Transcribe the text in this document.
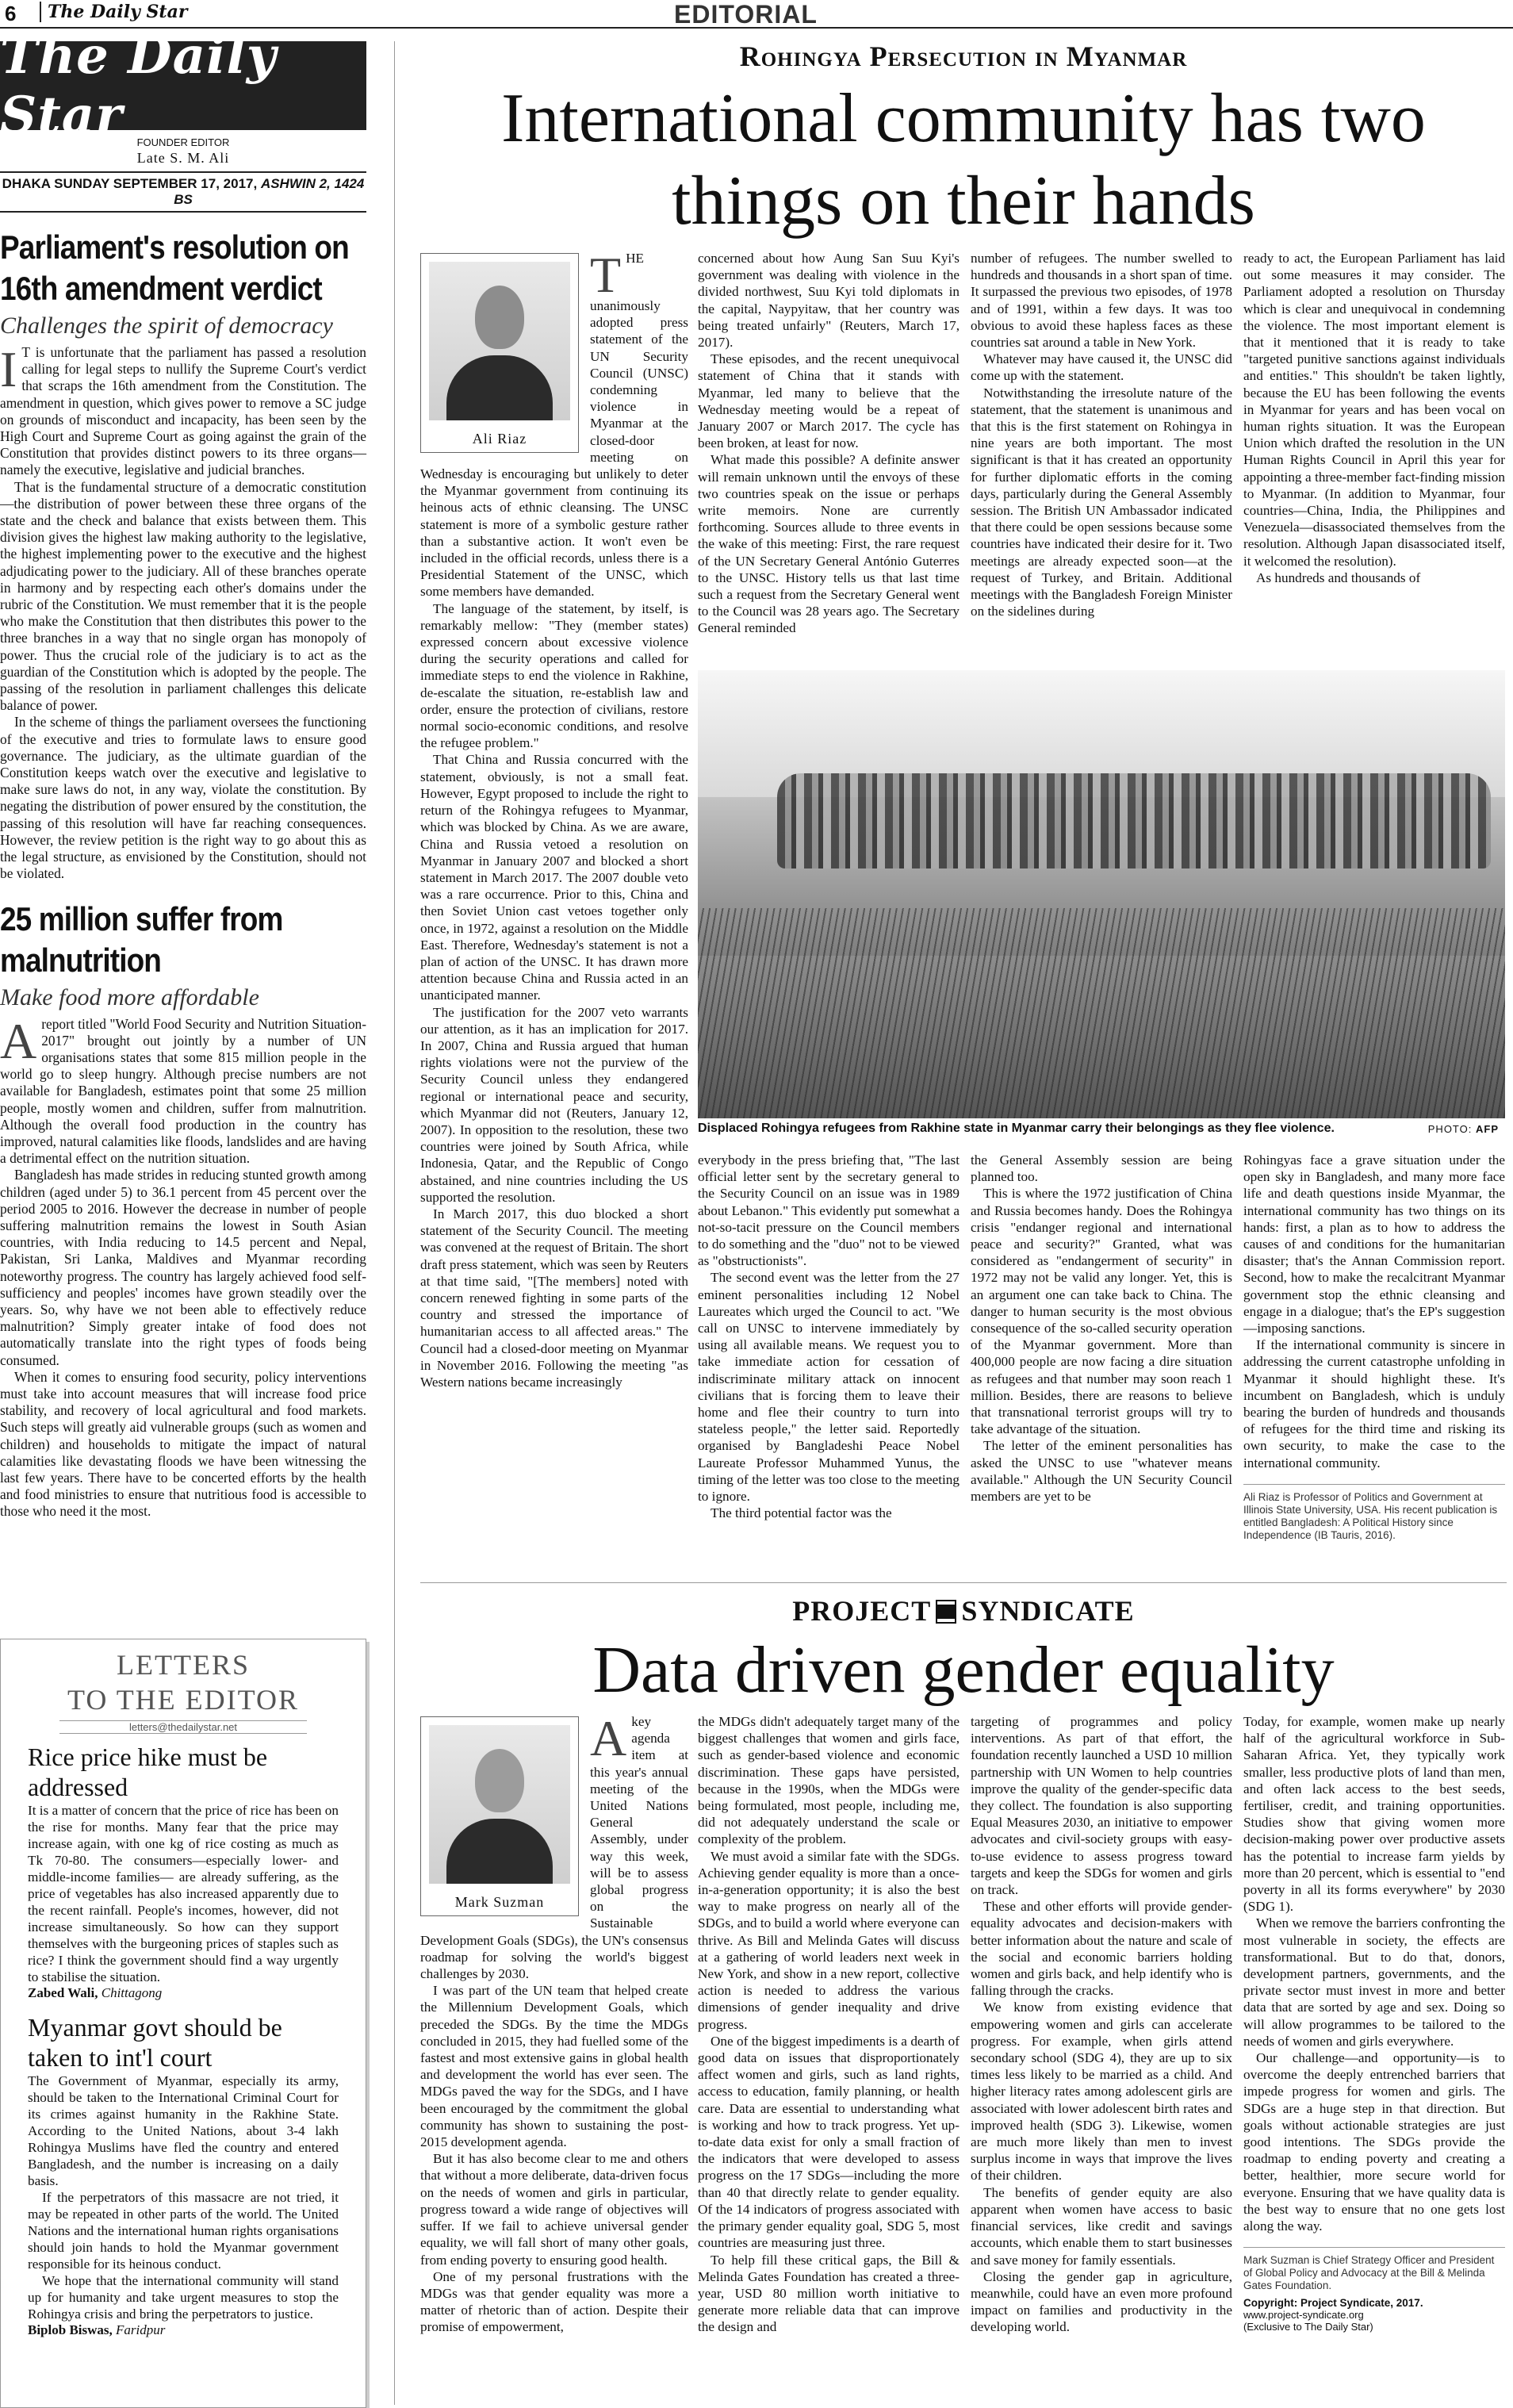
6	The Daily Star	EDITORIAL
The Daily Star	FOUNDER EDITOR
Late S. M. Ali
DHAKA SUNDAY SEPTEMBER 17, 2017, ASHWIN 2, 1424 BS
Parliament's resolution on 16th amendment verdict
Challenges the spirit of democracy

I T is unfortunate that the parliament has passed a resolution calling for legal steps to nullify the Supreme Court's verdict that scraps the 16th amendment from the Constitution. The amendment in question, which gives power to remove a SC judge on grounds of misconduct and incapacity, has been seen by the High Court and Supreme Court as going against the grain of the Constitution that provides distinct powers to its three organs—namely the executive, legislative and judicial branches.

That is the fundamental structure of a democratic constitution—the distribution of power between these three organs of the state and the check and balance that exists between them. This division gives the highest law making authority to the legislative, the highest implementing power to the executive and the highest adjudicating power to the judiciary. All of these branches operate in harmony and by respecting each other's domains under the rubric of the Constitution. We must remember that it is the people who make the Constitution that then distributes this power to the three branches in a way that no single organ has monopoly of power. Thus the crucial role of the judiciary is to act as the guardian of the Constitution which is adopted by the people. The passing of the resolution in parliament challenges this delicate balance of power.

In the scheme of things the parliament oversees the functioning of the executive and tries to formulate laws to ensure good governance. The judiciary, as the ultimate guardian of the Constitution keeps watch over the executive and legislative to make sure laws do not, in any way, violate the constitution. By negating the distribution of power ensured by the constitution, the passing of this resolution will have far reaching consequences. However, the review petition is the right way to go about this as the legal structure, as envisioned by the Constitution, should not be violated.

25 million suffer from malnutrition
Make food more affordable

A report titled "World Food Security and Nutrition Situation-2017" brought out jointly by a number of UN organisations states that some 815 million people in the world go to sleep hungry. Although precise numbers are not available for Bangladesh, estimates point that some 25 million people, mostly women and children, suffer from malnutrition. Although the overall food production in the country has improved, natural calamities like floods, landslides and are having a detrimental effect on the nutrition situation.

Bangladesh has made strides in reducing stunted growth among children (aged under 5) to 36.1 percent from 45 percent over the period 2005 to 2016. However the decrease in number of people suffering malnutrition remains the lowest in South Asian countries, with India reducing to 14.5 percent and Nepal, Pakistan, Sri Lanka, Maldives and Myanmar recording noteworthy progress. The country has largely achieved food self-sufficiency and peoples' incomes have grown steadily over the years. So, why have we not been able to effectively reduce malnutrition? Simply greater intake of food does not automatically translate into the right types of foods being consumed.

When it comes to ensuring food security, policy interventions must take into account measures that will increase food price stability, and recovery of local agricultural and food markets. Such steps will greatly aid vulnerable groups (such as women and children) and households to mitigate the impact of natural calamities like devastating floods we have been witnessing the last few years. There have to be concerted efforts by the health and food ministries to ensure that nutritious food is accessible to those who need it the most.

LETTERS
TO THE EDITOR
letters@thedailystar.net
Rice price hike must be addressed

It is a matter of concern that the price of rice has been on the rise for months. Many fear that the price may increase again, with one kg of rice costing as much as Tk 70-80. The consumers—especially lower- and middle-income families— are already suffering, as the price of vegetables has also increased apparently due to the recent rainfall. People's incomes, however, did not increase simultaneously. So how can they support themselves with the burgeoning prices of staples such as rice? I think the government should find a way urgently to stabilise the situation.

Zabed Wali, Chittagong
Myanmar govt should be taken to int'l court

The Government of Myanmar, especially its army, should be taken to the International Criminal Court for its crimes against humanity in the Rakhine State. According to the United Nations, about 3-4 lakh Rohingya Muslims have fled the country and entered Bangladesh, and the number is increasing on a daily basis.

If the perpetrators of this massacre are not tried, it may be repeated in other parts of the world. The United Nations and the international human rights organisations should join hands to hold the Myanmar government responsible for its heinous conduct.

We hope that the international community will stand up for humanity and take urgent measures to stop the Rohingya crisis and bring the perpetrators to justice.

Biplob Biswas, Faridpur
Rohingya Persecution in Myanmar
International community has two things on their hands
Ali Riaz

THE unanimously adopted press statement of the UN Security Council (UNSC) condemning violence in Myanmar at the closed-door meeting on Wednesday is encouraging but unlikely to deter the Myanmar government from continuing its heinous acts of ethnic cleansing. The UNSC statement is more of a symbolic gesture rather than a substantive action. It won't even be included in the official records, unless there is a Presidential Statement of the UNSC, which some members have demanded.

The language of the statement, by itself, is remarkably mellow: "They (member states) expressed concern about excessive violence during the security operations and called for immediate steps to end the violence in Rakhine, de-escalate the situation, re-establish law and order, ensure the protection of civilians, restore normal socio-economic conditions, and resolve the refugee problem."

That China and Russia concurred with the statement, obviously, is not a small feat. However, Egypt proposed to include the right to return of the Rohingya refugees to Myanmar, which was blocked by China. As we are aware, China and Russia vetoed a resolution on Myanmar in January 2007 and blocked a short statement in March 2017. The 2007 double veto was a rare occurrence. Prior to this, China and then Soviet Union cast vetoes together only once, in 1972, against a resolution on the Middle East. Therefore, Wednesday's statement is not a plan of action of the UNSC. It has drawn more attention because China and Russia acted in an unanticipated manner.

The justification for the 2007 veto warrants our attention, as it has an implication for 2017. In 2007, China and Russia argued that human rights violations were not the purview of the Security Council unless they endangered regional or international peace and security, which Myanmar did not (Reuters, January 12, 2007). In opposition to the resolution, these two countries were joined by South Africa, while Indonesia, Qatar, and the Republic of Congo abstained, and nine countries including the US supported the resolution.

In March 2017, this duo blocked a short statement of the Security Council. The meeting was convened at the request of Britain. The short draft press statement, which was seen by Reuters at that time said, "[The members] noted with concern renewed fighting in some parts of the country and stressed the importance of humanitarian access to all affected areas." The Council had a closed-door meeting on Myanmar in November 2016. Following the meeting "as Western nations became increasingly

concerned about how Aung San Suu Kyi's government was dealing with violence in the divided northwest, Suu Kyi told diplomats in the capital, Naypyitaw, that her country was being treated unfairly" (Reuters, March 17, 2017).

These episodes, and the recent unequivocal statement of China that it stands with Myanmar, led many to believe that the Wednesday meeting would be a repeat of January 2007 or March 2017. The cycle has been broken, at least for now.

What made this possible? A definite answer will remain unknown until the envoys of these two countries speak on the issue or perhaps write memoirs. None are currently forthcoming. Sources allude to three events in the wake of this meeting: First, the rare request of the UN Secretary General António Guterres to the UNSC. History tells us that last time such a request from the Secretary General went to the Council was 28 years ago. The Secretary General reminded

number of refugees. The number swelled to hundreds and thousands in a short span of time. It surpassed the previous two episodes, of 1978 and of 1991, within a few days. It was too obvious to avoid these hapless faces as these countries sat around a table in New York.

Whatever may have caused it, the UNSC did come up with the statement.

Notwithstanding the irresolute nature of the statement, that the statement is unanimous and that this is the first statement on Rohingya in nine years are both important. The most significant is that it has created an opportunity for further diplomatic efforts in the coming days, particularly during the General Assembly session. The British UN Ambassador indicated that there could be open sessions because some countries have indicated their desire for it. Two meetings are already expected soon—at the request of Turkey, and Britain. Additional meetings with the Bangladesh Foreign Minister on the sidelines during

ready to act, the European Parliament has laid out some measures it may consider. The Parliament adopted a resolution on Thursday which is clear and unequivocal in condemning the violence. The most important element is that it mentioned that it is ready to take "targeted punitive sanctions against individuals and entities." This shouldn't be taken lightly, because the EU has been following the events in Myanmar for years and has been vocal on human rights situation. It was the European Union which drafted the resolution in the UN Human Rights Council in April this year for appointing a three-member fact-finding mission to Myanmar. (In addition to Myanmar, four countries—China, India, the Philippines and Venezuela—disassociated themselves from the resolution. Although Japan disassociated itself, it welcomed the resolution).

As hundreds and thousands of

Displaced Rohingya refugees from Rakhine state in Myanmar carry their belongings as they flee violence.	PHOTO: AFP

everybody in the press briefing that, "The last official letter sent by the secretary general to the Security Council on an issue was in 1989 about Lebanon." This evidently put somewhat a not-so-tacit pressure on the Council members to do something and the "duo" not to be viewed as "obstructionists".

The second event was the letter from the 27 eminent personalities including 12 Nobel Laureates which urged the Council to act. "We call on UNSC to intervene immediately by using all available means. We request you to take immediate action for cessation of indiscriminate military attack on innocent civilians that is forcing them to leave their home and flee their country to turn into stateless people," the letter said. Reportedly organised by Bangladeshi Peace Nobel Laureate Professor Muhammed Yunus, the timing of the letter was too close to the meeting to ignore.

The third potential factor was the

the General Assembly session are being planned too.

This is where the 1972 justification of China and Russia becomes handy. Does the Rohingya crisis "endanger regional and international peace and security?" Granted, what was considered as "endangerment of security" in 1972 may not be valid any longer. Yet, this is an argument one can take back to China. The danger to human security is the most obvious consequence of the so-called security operation of the Myanmar government. More than 400,000 people are now facing a dire situation as refugees and that number may soon reach 1 million. Besides, there are reasons to believe that transnational terrorist groups will try to take advantage of the situation.

The letter of the eminent personalities has asked the UNSC to use "whatever means available." Although the UN Security Council members are yet to be

Rohingyas face a grave situation under the open sky in Bangladesh, and many more face life and death questions inside Myanmar, the international community has two things on its hands: first, a plan as to how to address the causes of and conditions for the humanitarian disaster; that's the Annan Commission report. Second, how to make the recalcitrant Myanmar government stop the ethnic cleansing and engage in a dialogue; that's the EP's suggestion—imposing sanctions.

If the international community is sincere in addressing the current catastrophe unfolding in Myanmar it should highlight these. It's incumbent on Bangladesh, which is unduly bearing the burden of hundreds and thousands of refugees for the third time and risking its own security, to make the case to the international community.

Ali Riaz is Professor of Politics and Government at Illinois State University, USA. His recent publication is entitled Bangladesh: A Political History since Independence (IB Tauris, 2016).
PROJECT SYNDICATE
Data driven gender equality
Mark Suzman

A key agenda item at this year's annual meeting of the United Nations General Assembly, under way this week, will be to assess global progress on the Sustainable Development Goals (SDGs), the UN's consensus roadmap for solving the world's biggest challenges by 2030.

I was part of the UN team that helped create the Millennium Development Goals, which preceded the SDGs. By the time the MDGs concluded in 2015, they had fuelled some of the fastest and most extensive gains in global health and development the world has ever seen. The MDGs paved the way for the SDGs, and I have been encouraged by the commitment the global community has shown to sustaining the post-2015 development agenda.

But it has also become clear to me and others that without a more deliberate, data-driven focus on the needs of women and girls in particular, progress toward a wide range of objectives will suffer. If we fail to achieve universal gender equality, we will fall short of many other goals, from ending poverty to ensuring good health.

One of my personal frustrations with the MDGs was that gender equality was more a matter of rhetoric than of action. Despite their promise of empowerment,

the MDGs didn't adequately target many of the biggest challenges that women and girls face, such as gender-based violence and economic discrimination. These gaps have persisted, because in the 1990s, when the MDGs were being formulated, most people, including me, did not adequately understand the scale or complexity of the problem.

We must avoid a similar fate with the SDGs. Achieving gender equality is more than a once-in-a-generation opportunity; it is also the best way to make progress on nearly all of the SDGs, and to build a world where everyone can thrive. As Bill and Melinda Gates will discuss at a gathering of world leaders next week in New York, and show in a new report, collective action is needed to address the various dimensions of gender inequality and drive progress.

One of the biggest impediments is a dearth of good data on issues that disproportionately affect women and girls, such as land rights, access to education, family planning, or health care. Data are essential to understanding what is working and how to track progress. Yet up-to-date data exist for only a small fraction of the indicators that were developed to assess progress on the 17 SDGs—including the more than 40 that directly relate to gender equality. Of the 14 indicators of progress associated with the primary gender equality goal, SDG 5, most countries are measuring just three.

To help fill these critical gaps, the Bill & Melinda Gates Foundation has created a three-year, USD 80 million worth initiative to generate more reliable data that can improve the design and

targeting of programmes and policy interventions. As part of that effort, the foundation recently launched a USD 10 million partnership with UN Women to help countries improve the quality of the gender-specific data they collect. The foundation is also supporting Equal Measures 2030, an initiative to empower advocates and civil-society groups with easy-to-use evidence to assess progress toward targets and keep the SDGs for women and girls on track.

These and other efforts will provide gender-equality advocates and decision-makers with better information about the nature and scale of the social and economic barriers holding women and girls back, and help identify who is falling through the cracks.

We know from existing evidence that empowering women and girls can accelerate progress. For example, when girls attend secondary school (SDG 4), they are up to six times less likely to be married as a child. And higher literacy rates among adolescent girls are associated with lower adolescent birth rates and improved health (SDG 3). Likewise, women are much more likely than men to invest surplus income in ways that improve the lives of their children.

The benefits of gender equity are also apparent when women have access to basic financial services, like credit and savings accounts, which enable them to start businesses and save money for family essentials.

Closing the gender gap in agriculture, meanwhile, could have an even more profound impact on families and productivity in the developing world.

Today, for example, women make up nearly half of the agricultural workforce in Sub-Saharan Africa. Yet, they typically work smaller, less productive plots of land than men, and often lack access to the best seeds, fertiliser, credit, and training opportunities. Studies show that giving women more decision-making power over productive assets has the potential to increase farm yields by more than 20 percent, which is essential to "end poverty in all its forms everywhere" by 2030 (SDG 1).

When we remove the barriers confronting the most vulnerable in society, the effects are transformational. But to do that, donors, development partners, governments, and the private sector must invest in more and better data that are sorted by age and sex. Doing so will allow programmes to be tailored to the needs of women and girls everywhere.

Our challenge—and opportunity—is to overcome the deeply entrenched barriers that impede progress for women and girls. The SDGs are a huge step in that direction. But goals without actionable strategies are just good intentions. The SDGs provide the roadmap to ending poverty and creating a better, healthier, more secure world for everyone. Ensuring that we have quality data is the best way to ensure that no one gets lost along the way.

Mark Suzman is Chief Strategy Officer and President of Global Policy and Advocacy at the Bill & Melinda Gates Foundation.
Copyright: Project Syndicate, 2017.
www.project-syndicate.org
(Exclusive to The Daily Star)
